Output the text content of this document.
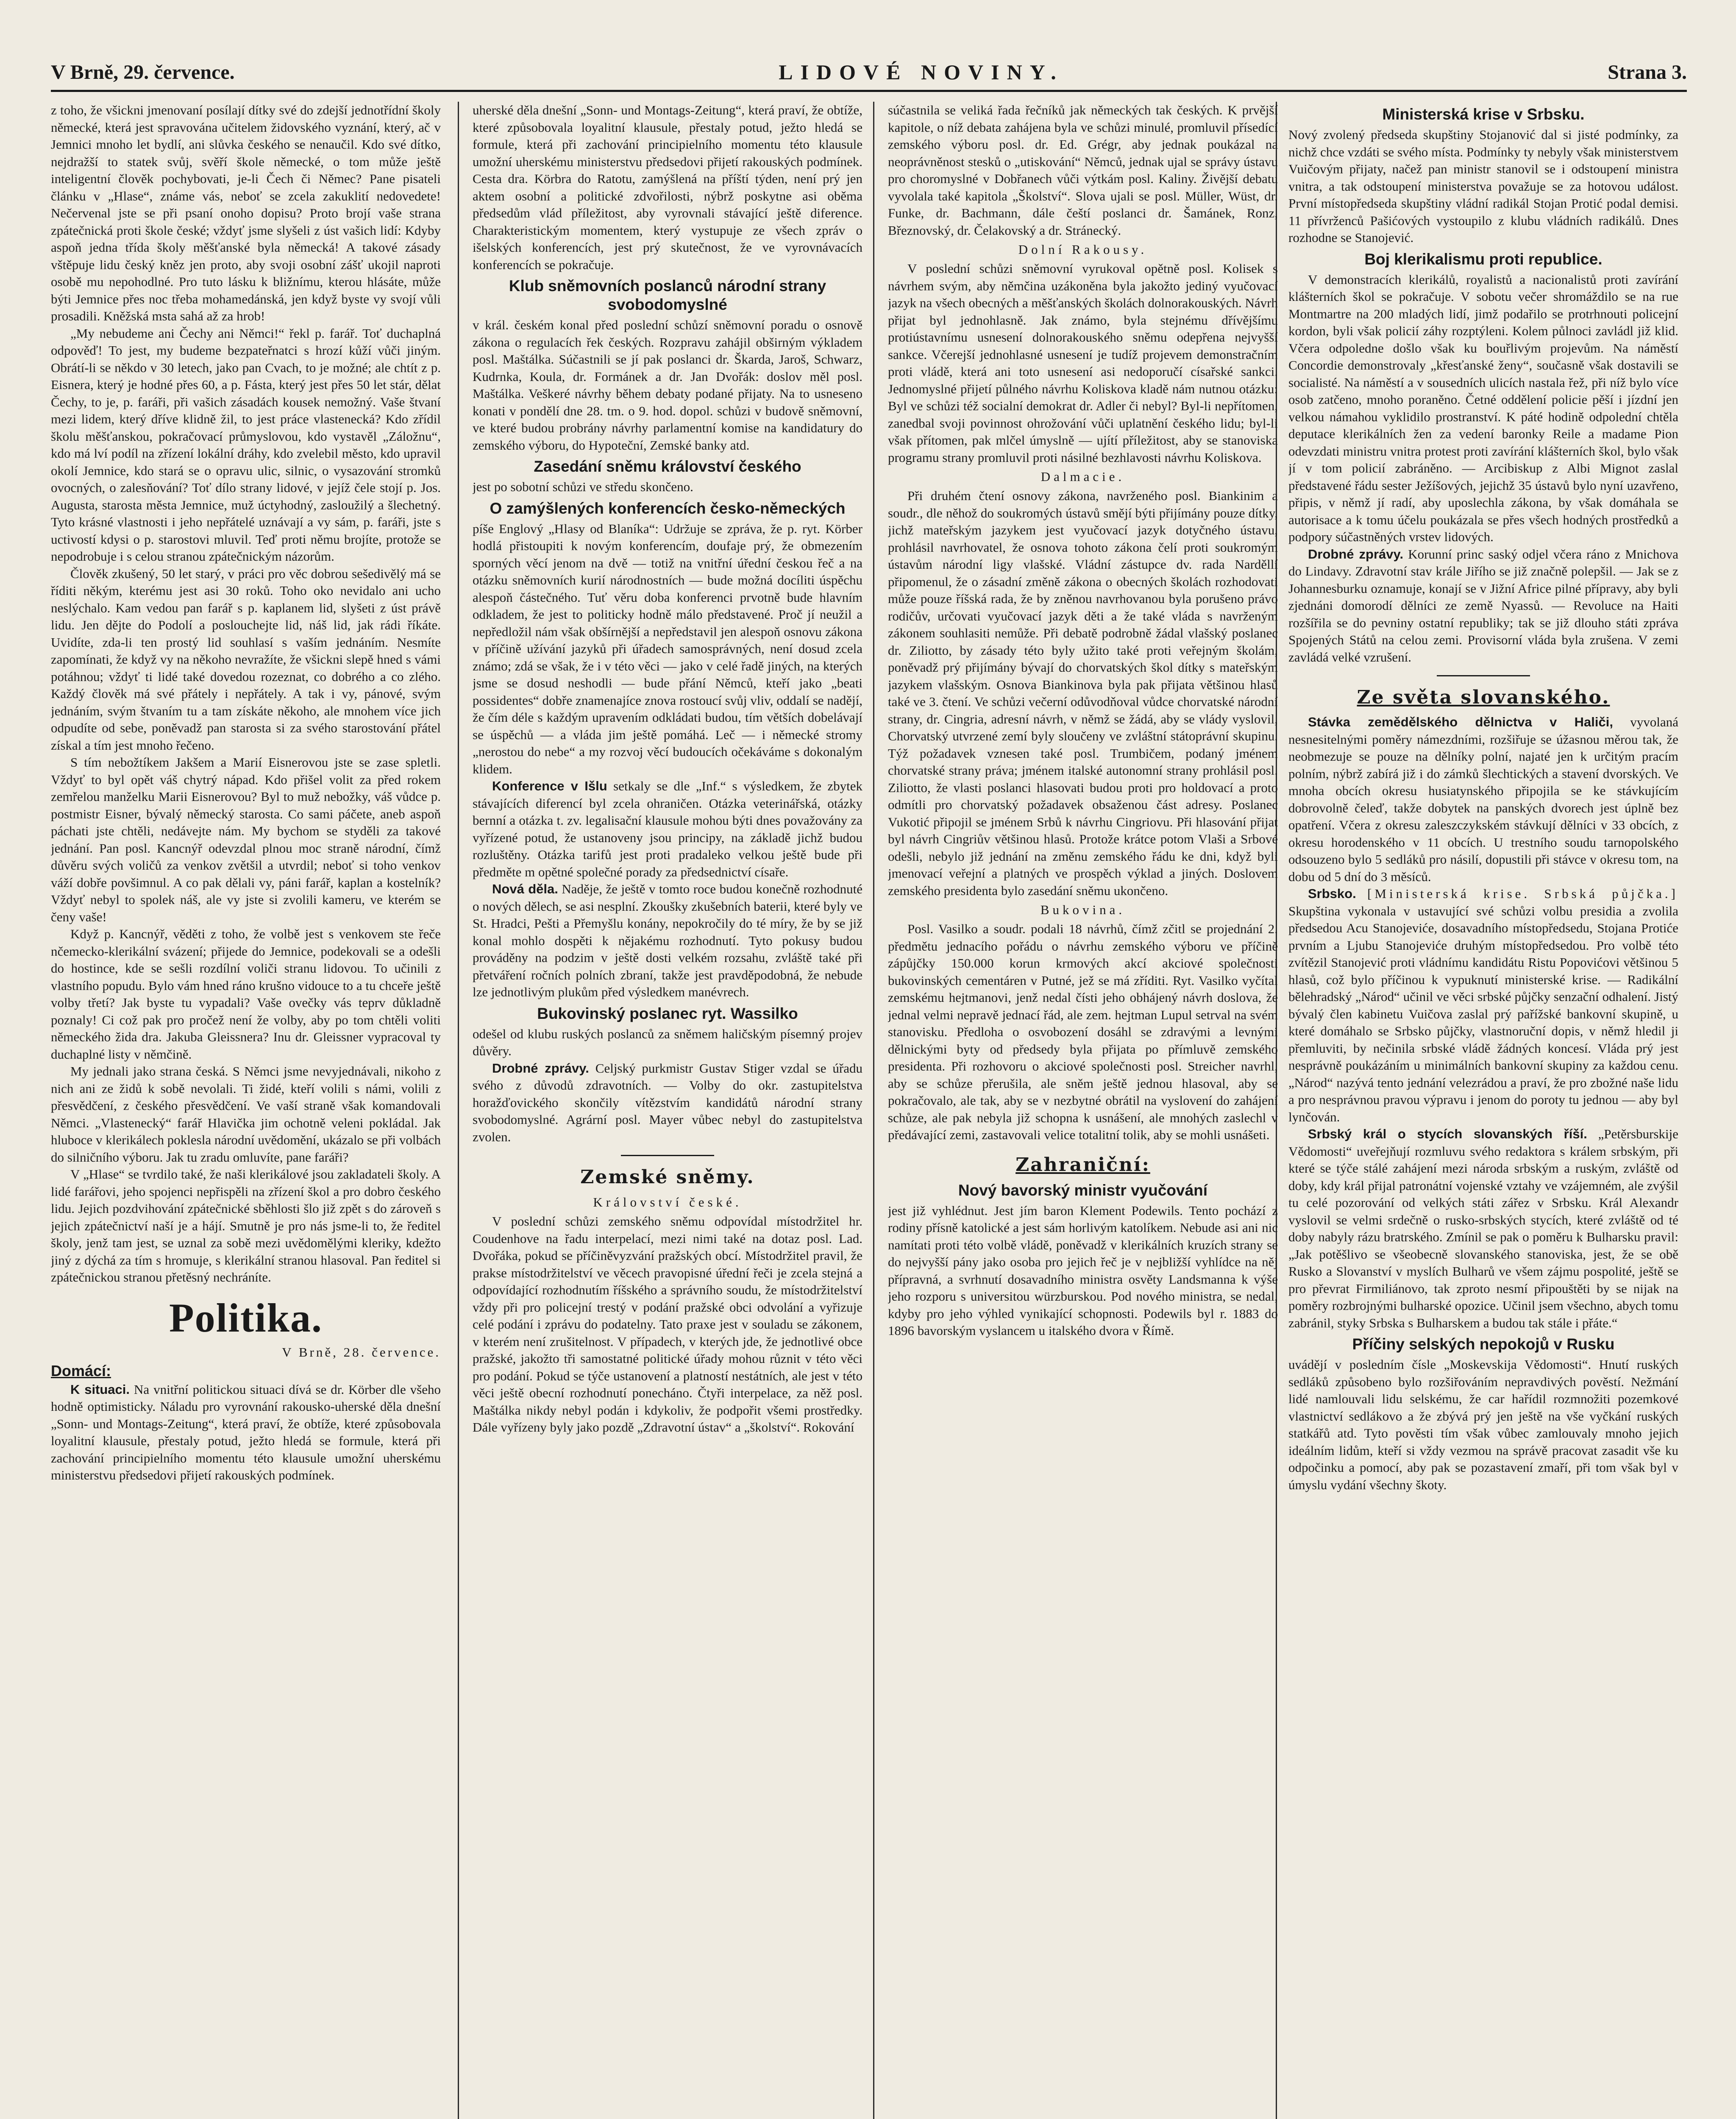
V Brně, 29. července.	LIDOVÉ NOVINY.	Strana 3.

z toho, že všickni jmenovaní posílají dítky své do zdejší jednotřídní školy německé, která jest spravována učitelem židovského vyznání, který, ač v Jemnici mnoho let bydlí, ani slůvka českého se nenaučil. Kdo své dítko, nejdražší to statek svůj, svěří škole německé, o tom může ještě inteligentní člověk pochybovati, je-li Čech či Němec? Pane pisateli článku v „Hlase“, známe vás, neboť se zcela zakuklití nedovedete! Nečervenal jste se při psaní onoho dopisu? Proto brojí vaše strana zpátečnická proti škole české; vždyť jsme slyšeli z úst vašich lidí: Kdyby aspoň jedna třída školy měšťanské byla německá! A takové zásady vštěpuje lidu český kněz jen proto, aby svoji osobní zášť ukojil naproti osobě mu nepohodlné. Pro tuto lásku k bližnímu, kterou hlásáte, může býti Jemnice přes noc třeba mohamedánská, jen když byste vy svojí vůli prosadili. Kněžská msta sahá až za hrob!

„My nebudeme ani Čechy ani Němci!“ řekl p. farář. Toť duchaplná odpověď! To jest, my budeme bezpateřnatci s hrozí kůží vůči jiným. Obrátí-li se někdo v 30 letech, jako pan Cvach, to je možné; ale chtít z p. Eisnera, který je hodné přes 60, a p. Fásta, který jest přes 50 let stár, dělat Čechy, to je, p. faráři, při vašich zásadách kousek nemožný. Vaše štvaní mezi lidem, který dříve klidně žil, to jest práce vlastenecká? Kdo zřídil školu měšťanskou, pokračovací průmyslovou, kdo vystavěl „Záložnu“, kdo má lví podíl na zřízení lokální dráhy, kdo zvelebil město, kdo upravil okolí Jemnice, kdo stará se o opravu ulic, silnic, o vysazování stromků ovocných, o zalesňování? Toť dílo strany lidové, v jejíž čele stojí p. Jos. Augusta, starosta města Jemnice, muž úctyhodný, zasloužilý a šlechetný. Tyto krásné vlastnosti i jeho nepřátelé uznávají a vy sám, p. faráři, jste s uctivostí kdysi o p. starostovi mluvil. Teď proti němu brojíte, protože se nepodrobuje i s celou stranou zpátečnickým názorům.

Člověk zkušený, 50 let starý, v práci pro věc dobrou sešedivělý má se říditi někým, kterému jest asi 30 roků. Toho oko nevidalo ani ucho neslýchalo. Kam vedou pan farář s p. kaplanem lid, slyšeti z úst právě lidu. Jen dějte do Podolí a poslouchejte lid, náš lid, jak rádi říkáte. Uvidíte, zda-li ten prostý lid souhlasí s vaším jednáním. Nesmíte zapomínati, že když vy na někoho nevražíte, že všickni slepě hned s vámi potáhnou; vždyť ti lidé také dovedou rozeznat, co dobrého a co zlého. Každý člověk má své přátely i nepřátely. A tak i vy, pánové, svým jednáním, svým štvaním tu a tam získáte někoho, ale mnohem více jich odpudíte od sebe, poněvadž pan starosta si za svého starostování přátel získal a tím jest mnoho řečeno.

S tím nebožtíkem Jakšem a Marií Eisnerovou jste se zase spletli. Vždyť to byl opět váš chytrý nápad. Kdo přišel volit za před rokem zemřelou manželku Marii Eisnerovou? Byl to muž nebožky, váš vůdce p. postmistr Eisner, bývalý německý starosta. Co sami páčete, aneb aspoň páchati jste chtěli, nedávejte nám. My bychom se styděli za takové jednání. Pan posl. Kancnýř odevzdal plnou moc straně národní, čímž důvěru svých voličů za venkov zvětšil a utvrdil; neboť si toho venkov váží dobře povšimnul. A co pak dělali vy, páni farář, kaplan a kostelník? Vždyť nebyl to spolek náš, ale vy jste si zvolili kameru, ve kterém se čeny vaše!

Když p. Kancnýř, věděti z toho, že volbě jest s venkovem ste řeče nčemecko-klerikální svázení; přijede do Jemnice, podekovali se a odešli do hostince, kde se sešli rozdílní voliči stranu lidovou. To učinili z vlastního popudu. Bylo vám hned ráno krušno vidouce to a tu chceře ještě volby třetí? Jak byste tu vypadali? Vaše ovečky vás teprv důkladně poznaly! Ci což pak pro pročež není že volby, aby po tom chtěli voliti německého žida dra. Jakuba Gleissnera? Inu dr. Gleissner vypracoval ty duchaplné listy v němčině.

My jednali jako strana česká. S Němci jsme nevyjednávali, nikoho z nich ani ze židů k sobě nevolali. Ti židé, kteří volili s námi, volili z přesvědčení, z českého přesvědčení. Ve vaší straně však komandovali Němci. „Vlastenecký“ farář Hlavička jim ochotně veleni pokládal. Jak hluboce v klerikálech poklesla národní uvědomění, ukázalo se při volbách do silničního výboru. Jak tu zradu omluvíte, pane faráři?

V „Hlase“ se tvrdilo také, že naši klerikálové jsou zakladateli školy. A lidé farářovi, jeho spojenci nepřispěli na zřízení škol a pro dobro českého lidu. Jejich pozdvihování zpátečnické sběhlosti šlo již zpět s do zároveň s jejich zpátečnictví naší je a hájí. Smutně je pro nás jsme-li to, že ředitel školy, jenž tam jest, se uznal za sobě mezi uvědomělými kleriky, kdežto jiný z dýchá za tím s hromuje, s klerikální stranou hlasoval. Pan ředitel si zpátečnickou stranou přetěsný nechráníte.

Politika.
V Brně, 28. července.
Domácí:

K situaci. Na vnitřní politickou situaci dívá se dr. Körber dle všeho hodně optimisticky. Náladu pro vyrovnání rakousko-uherské děla dnešní „Sonn- und Montags-Zeitung“, která praví, že obtíže, které způsobovala loyalitní klausule, přestaly potud, ježto hledá se formule, která při zachování principielního momentu této klausule umožní uherskému ministerstvu předsedovi přijetí rakouských podmínek.

uherské děla dnešní „Sonn- und Montags-Zeitung“, která praví, že obtíže, které způsobovala loyalitní klausule, přestaly potud, ježto hledá se formule, která při zachování principielního momentu této klausule umožní uherskému ministerstvu předsedovi přijetí rakouských podmínek. Cesta dra. Körbra do Ratotu, zamýšlená na příští týden, není prý jen aktem osobní a politické zdvořilosti, nýbrž poskytne asi oběma předsedům vlád příležitost, aby vyrovnali stávající ještě diference. Charakteristickým momentem, který vystupuje ze všech zpráv o išelských konferencích, jest prý skutečnost, že ve vyrovnávacích konferencích se pokračuje.

Klub sněmovních poslanců národní strany svobodomyslné

v král. českém konal před poslední schůzí sněmovní poradu o osnově zákona o regulacích řek českých. Rozpravu zahájil obširným výkladem posl. Maštálka. Súčastnili se jí pak poslanci dr. Škarda, Jaroš, Schwarz, Kudrnka, Koula, dr. Formánek a dr. Jan Dvořák: doslov měl posl. Maštálka. Veškeré návrhy během debaty podané přijaty. Na to usneseno konati v pondělí dne 28. tm. o 9. hod. dopol. schůzi v budově sněmovní, ve které budou probrány návrhy parlamentní komise na kandidatury do zemského výboru, do Hypoteční, Zemské banky atd.

Zasedání sněmu království českého

jest po sobotní schůzi ve středu skončeno.

O zamýšlených konferencích česko-německých

píše Englový „Hlasy od Blaníka“: Udržuje se zpráva, že p. ryt. Körber hodlá přistoupiti k novým konferencím, doufaje prý, že obmezením sporných věcí jenom na dvě — totiž na vnitřní úřední českou řeč a na otázku sněmovních kurií národnostních — bude možná docíliti úspěchu alespoň částečného. Tuť věru doba konferenci prvotně bude hlavním odkladem, že jest to politicky hodně málo představené. Proč jí neužil a nepředložil nám však obšírnější a nepředstavil jen alespoň osnovu zákona v příčině užívání jazyků při úřadech samosprávných, není dosud zcela známo; zdá se však, že i v této věci — jako v celé řadě jiných, na kterých jsme se dosud neshodli — bude přání Němců, kteří jako „beati possidentes“ dobře znamenajíce znova rostoucí svůj vliv, oddalí se nadějí, že čím déle s každým upravením odkládati budou, tím větších dobelávají se úspěchů — a vláda jim ještě pomáhá. Leč — i německé stromy „nerostou do nebe“ a my rozvoj věcí budoucích očekáváme s dokonalým klidem.

Konference v Išlu setkaly se dle „Inf.“ s výsledkem, že zbytek stávajících diferencí byl zcela ohraničen. Otázka veterinářská, otázky bernní a otázka t. zv. legalisační klausule mohou býti dnes považovány za vyřízené potud, že ustanoveny jsou principy, na základě jichž budou rozluštěny. Otázka tarifů jest proti pradaleko velkou ještě bude při předměte m opětné společné porady za předsednictví císaře.

Nová děla. Naděje, že ještě v tomto roce budou konečně rozhodnuté o nových dělech, se asi nesplní. Zkoušky zkušebních baterii, které byly ve St. Hradci, Pešti a Přemyšlu konány, nepokročily do té míry, že by se již konal mohlo dospěti k nějakému rozhodnutí. Tyto pokusy budou prováděny na podzim v ještě dosti velkém rozsahu, zvláště také při přetváření ročních polních zbraní, takže jest pravděpodobná, že nebude lze jednotlivým plukům před výsledkem manévrech.

Bukovinský poslanec ryt. Wassilko

odešel od klubu ruských poslanců za sněmem haličským písemný projev důvěry.

Drobné zprávy. Celjský purkmistr Gustav Stiger vzdal se úřadu svého z důvodů zdravotních. — Volby do okr. zastupitelstva horažďovického skončily vítězstvím kandidátů národní strany svobodomyslné. Agrární posl. Mayer vůbec nebyl do zastupitelstva zvolen.

Zemské sněmy.
Království české.

V poslední schůzi zemského sněmu odpovídal místodržitel hr. Coudenhove na řadu interpelací, mezi nimi také na dotaz posl. Lad. Dvořáka, pokud se příčiněvyzvání pražských obcí. Místodržitel pravil, že prakse místodržitelství ve věcech pravopisné úřední řeči je zcela stejná a odpovídající rozhodnutím říšského a správního soudu, že místodržitelství vždy při pro policejní trestý v podání pražské obci odvolání a vyřizuje celé podání i zprávu do podatelny. Tato praxe jest v souladu se zákonem, v kterém není zrušitelnost. V případech, v kterých jde, že jednotlivé obce pražské, jakožto tři samostatné politické úřady mohou různit v této věci pro podání. Pokud se týče ustanovení a platností nestátních, ale jest v této věci ještě obecní rozhodnutí ponecháno. Čtyři interpelace, za něž posl. Maštálka nikdy nebyl podán i kdykoliv, že podpořit všemi prostředky. Dále vyřízeny byly jako pozdě „Zdravotní ústav“ a „školství“. Rokování

súčastnila se veliká řada řečníků jak německých tak českých. K prvější kapitole, o níž debata zahájena byla ve schůzi minulé, promluvil přísedící zemského výboru posl. dr. Ed. Grégr, aby jednak poukázal na neoprávněnost stesků o „utiskování“ Němců, jednak ujal se správy ústavu pro choromyslné v Dobřanech vůči výtkám posl. Kaliny. Živější debatu vyvolala také kapitola „Školství“. Slova ujali se posl. Müller, Wüst, dr. Funke, dr. Bachmann, dále čeští poslanci dr. Šamánek, Ronz, Březnovský, dr. Čelakovský a dr. Stránecký.

Dolní Rakousy.

V poslední schůzi sněmovní vyrukoval opětně posl. Kolisek s návrhem svým, aby němčina uzákoněna byla jakožto jediný vyučovací jazyk na všech obecných a měšťanských školách dolnorakouských. Návrh přijat byl jednohlasně. Jak známo, byla stejnému dřívějšímu protiústavnímu usnesení dolnorakouského sněmu odepřena nejvyšší sankce. Včerejší jednohlasné usnesení je tudíž projevem demonstračním proti vládě, která ani toto usnesení asi nedoporučí císařské sankci. Jednomyslné přijetí půlného návrhu Koliskova kladě nám nutnou otázku: Byl ve schůzi též socialní demokrat dr. Adler či nebyl? Byl-li nepřítomen, zanedbal svoji povinnost ohrožování vůči uplatnění českého lidu; byl-li však přítomen, pak mlčel úmyslně — ujítí příležitost, aby se stanoviska programu strany promluvil proti násilné bezhlavosti návrhu Koliskova.

Dalmacie.

Při druhém čtení osnovy zákona, navrženého posl. Biankinim a soudr., dle něhož do soukromých ústavů smějí býti přijímány pouze dítky, jichž mateřským jazykem jest vyučovací jazyk dotyčného ústavu, prohlásil navrhovatel, že osnova tohoto zákona čelí proti soukromým ústavům národní ligy vlašské. Vládní zástupce dv. rada Narděllí připomenul, že o zásadní změně zákona o obecných školách rozhodovati může pouze říšská rada, že by zněnou navrhovanou byla porušeno právo rodičův, určovati vyučovací jazyk děti a že také vláda s navrženým zákonem souhlasiti nemůže. Při debatě podrobně žádal vlašský poslanec dr. Ziliotto, by zásady této byly užito také proti veřejným školám, poněvadž prý přijímány bývají do chorvatských škol dítky s mateřským jazykem vlašským. Osnova Biankinova byla pak přijata většinou hlasů také ve 3. čtení. Ve schůzi večerní odůvodňoval vůdce chorvatské národní strany, dr. Cingria, adresní návrh, v němž se žádá, aby se vlády vyslovil, Chorvatský utvrzené zemí byly sloučeny ve zvláštní státoprávní skupinu. Týž požadavek vznesen také posl. Trumbičem, podaný jménem chorvatské strany práva; jménem italské autonomní strany prohlásil posl. Ziliotto, že vlasti poslanci hlasovati budou proti pro holdovací a proto odmítli pro chorvatský požadavek obsaženou část adresy. Poslanec Vukotić připojil se jménem Srbů k návrhu Cingriovu. Při hlasování přijat byl návrh Cingriův většinou hlasů. Protože krátce potom Vlaši a Srbové odešli, nebylo již jednání na změnu zemského řádu ke dni, když byli jmenovací veřejní a platných ve prospěch výklad a jiných. Doslovem zemského presidenta bylo zasedání sněmu ukončeno.

Bukovina.

Posl. Vasilko a soudr. podali 18 návrhů, čímž zčitl se projednání 2. předmětu jednacího pořádu o návrhu zemského výboru ve příčině zápůjčky 150.000 korun krmových akcí akciové společnosti bukovinských cementáren v Putné, jež se má zříditi. Ryt. Vasilko vyčítal zemskému hejtmanovi, jenž nedal čísti jeho obhájený návrh doslova, že jednal velmi nepravě jednací řád, ale zem. hejtman Lupul setrval na svém stanovisku. Předloha o osvobození dosáhl se zdravými a levnými dělnickými byty od předsedy byla přijata po přímluvě zemského presidenta. Při rozhovoru o akciové společnosti posl. Streicher navrhl, aby se schůze přerušila, ale sněm ještě jednou hlasoval, aby se pokračovalo, ale tak, aby se v nezbytné obrátil na vyslovení do zahájení schůze, ale pak nebyla již schopna k usnášení, ale mnohých zaslechl v předávající zemi, zastavovali velice totalitní tolik, aby se mohli usnášeti.

Zahraniční:
Nový bavorský ministr vyučování

jest již vyhlédnut. Jest jím baron Klement Podewils. Tento pochází z rodiny přísně katolické a jest sám horlivým katolíkem. Nebude asi ani nic namítati proti této volbě vládě, poněvadž v klerikálních kruzích strany se do nejvyšší pány jako osoba pro jejich řeč je v nejbližší vyhlídce na něj přípravná, a svrhnutí dosavadního ministra osvěty Landsmanna k výše jeho rozporu s universitou würzburskou. Pod nového ministra, se nedal, kdyby pro jeho výhled vynikající schopnosti. Podewils byl r. 1883 do 1896 bavorským vyslancem u italského dvora v Římě.

Ministerská krise v Srbsku.

Nový zvolený předseda skupštiny Stojanović dal si jisté podmínky, za nichž chce vzdáti se svého místa. Podmínky ty nebyly však ministerstvem Vuičovým přijaty, načež pan ministr stanovil se i odstoupení ministra vnitra, a tak odstoupení ministerstva považuje se za hotovou událost. První místopředseda skupštiny vládní radikál Stojan Protić podal demisi. 11 přívrženců Pašićových vystoupilo z klubu vládních radikálů. Dnes rozhodne se Stanojević.

Boj klerikalismu proti republice.

V demonstracích klerikálů, royalistů a nacionalistů proti zavírání klášterních škol se pokračuje. V sobotu večer shromáždilo se na rue Montmartre na 200 mladých lidí, jimž podařilo se protrhnouti policejní kordon, byli však policií záhy rozptýleni. Kolem půlnoci zavládl již klid. Včera odpoledne došlo však ku bouřlivým projevům. Na náměstí Concordie demonstrovaly „křesťanské ženy“, současně však dostavili se socialisté. Na náměstí a v sousedních ulicích nastala řež, při níž bylo více osob zatčeno, mnoho poraněno. Četné oddělení policie pěší i jízdní jen velkou námahou vyklidilo prostranství. K páté hodině odpolední chtěla deputace klerikálních žen za vedení baronky Reile a madame Pion odevzdati ministru vnitra protest proti zavírání klášterních škol, bylo však jí v tom policií zabráněno. — Arcibiskup z Albi Mignot zaslal představené řádu sester Ježíšových, jejichž 35 ústavů bylo nyní uzavřeno, připis, v němž jí radí, aby uposlechla zákona, by však domáhala se autorisace a k tomu účelu poukázala se přes všech hodných prostředků a podpory súčastněných vrstev lidových.

Drobné zprávy. Korunní princ saský odjel včera ráno z Mnichova do Lindavy. Zdravotní stav krále Jiřího se již značně polepšil. — Jak se z Johannesburku oznamuje, konají se v Jižní Africe pilné přípravy, aby byli zjednáni domorodí dělníci ze země Nyassů. — Revoluce na Haiti rozšířila se do pevniny ostatní republiky; tak se již dlouho státi zpráva Spojených Států na celou zemi. Provisorní vláda byla zrušena. V zemi zavládá velké vzrušení.

Ze světa slovanského.

Stávka zemědělského dělnictva v Haliči, vyvolaná nesnesitelnými poměry námezdními, rozšiřuje se úžasnou měrou tak, že neobmezuje se pouze na dělníky polní, najaté jen k určitým pracím polním, nýbrž zabírá již i do zámků šlechtických a stavení dvorských. Ve mnoha obcích okresu husiatynského připojila se ke stávkujícím dobrovolně čeleď, takže dobytek na panských dvorech jest úplně bez opatření. Včera z okresu zaleszczykském stávkují dělníci v 33 obcích, z okresu horodenského v 11 obcích. U trestního soudu tarnopolského odsouzeno bylo 5 sedláků pro násilí, dopustili při stávce v okresu tom, na dobu od 5 dní do 3 měsíců.

Srbsko. [Ministerská krise. Srbská půjčka.] Skupština vykonala v ustavující své schůzi volbu presidia a zvolila předsedou Acu Stanojeviće, dosavadního místopředsedu, Stojana Protiće prvním a Ljubu Stanojeviće druhým místopředsedou. Pro volbě této zvítězil Stanojević proti vládnímu kandidátu Ristu Popovićovi většinou 5 hlasů, což bylo příčinou k vypuknutí ministerské krise. — Radikální bělehradský „Národ“ učinil ve věci srbské půjčky senzační odhalení. Jistý bývalý člen kabinetu Vuičova zaslal prý pařížské bankovní skupině, u které domáhalo se Srbsko půjčky, vlastnoruční dopis, v němž hledil ji přemluviti, by nečinila srbské vládě žádných koncesí. Vláda prý jest nesprávně poukázáním u minimálních bankovní skupiny za každou cenu. „Národ“ nazývá tento jednání velezrádou a praví, že pro zbožné naše lidu a pro nesprávnou pravou výpravu i jenom do poroty tu jednou — aby byl lynčován.

Srbský král o stycích slovanských říší. „Petěrsburskije Vědomosti“ uveřejňují rozmluvu svého redaktora s králem srbským, při které se týče stálé zahájení mezi národa srbským a ruským, zvláště od doby, kdy král přijal patronátní vojenské vztahy ve vzájemném, ale zvýšil tu celé pozorování od velkých státi zářez v Srbsku. Král Alexandr vyslovil se velmi srdečně o rusko-srbských stycích, které zvláště od té doby nabyly rázu bratrského. Zmínil se pak o poměru k Bulharsku pravil: „Jak potěšlivo se všeobecně slovanského stanoviska, jest, že se obě Rusko a Slovanství v myslích Bulharů ve všem zájmu pospolité, ještě se pro převrat Firmiliánovo, tak zproto nesmí připouštěti by se nijak na poměry rozbrojnými bulharské opozice. Učinil jsem všechno, abych tomu zabránil, styky Srbska s Bulharskem a budou tak stále i přáte.“

Příčiny selských nepokojů v Rusku

uvádějí v posledním čísle „Moskevskija Vědomosti“. Hnutí ruských sedláků způsobeno bylo rozšiřováním nepravdivých pověstí. Nežmání lidé namlouvali lidu selskému, že car hařídil rozmnožiti pozemkové vlastnictví sedlákovo a že zbývá prý jen ještě na vše vyčkání ruských statkářů atd. Tyto pověsti tím však vůbec zamlouvaly mnoho jejich ideálním lidům, kteří si vždy vezmou na správě pracovat zasadit vše ku odpočinku a pomocí, aby pak se pozastavení zmaří, při tom však byl v úmyslu vydání všechny škoty.
